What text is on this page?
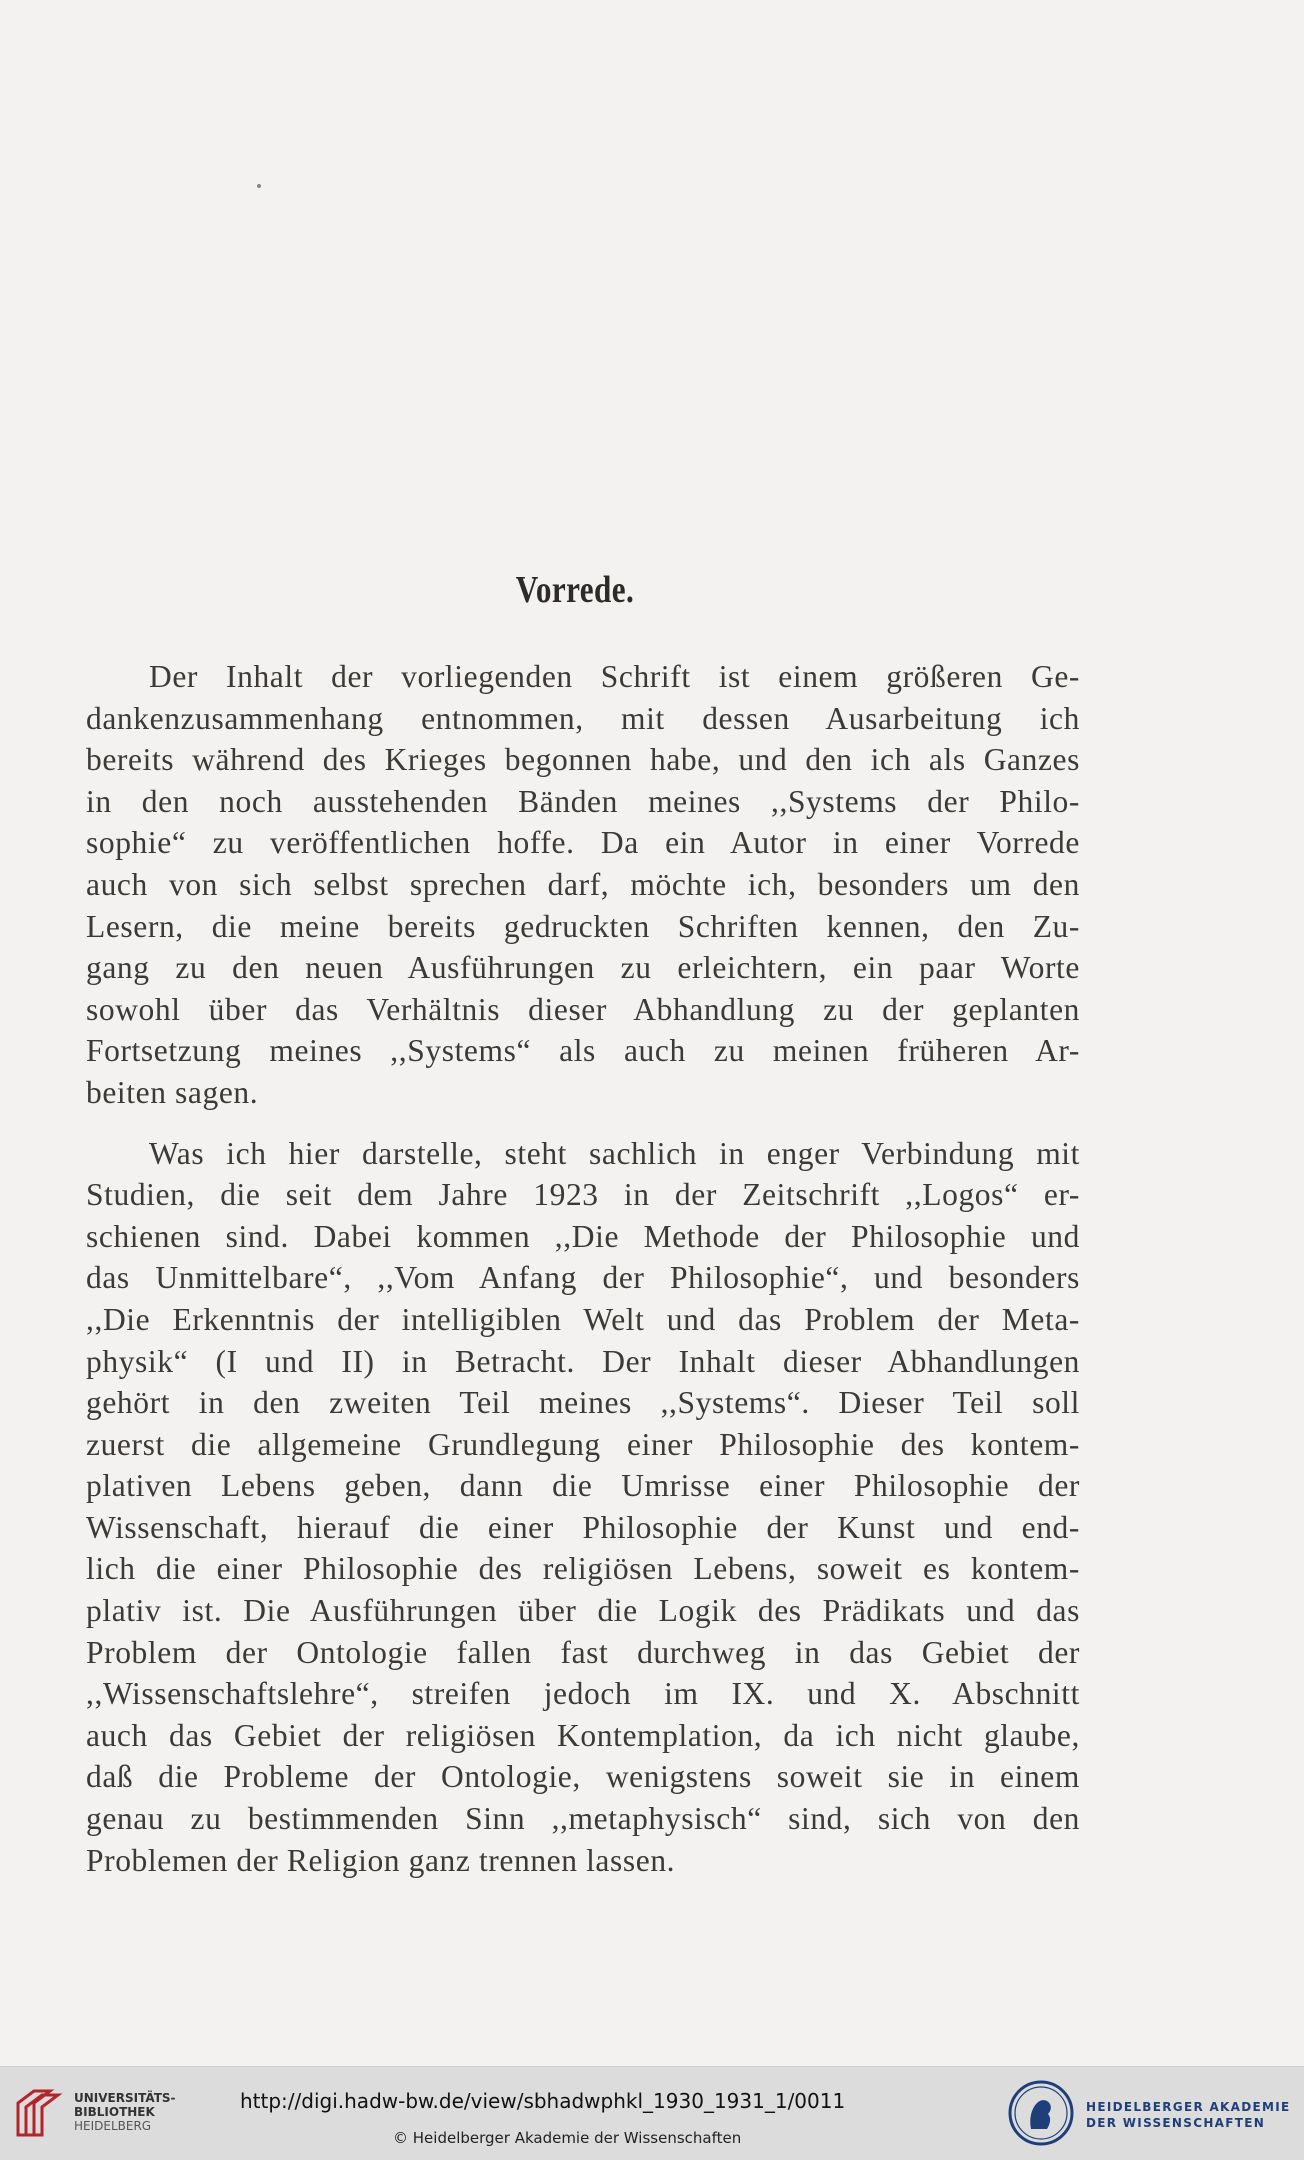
Vorrede.

Der Inhalt der vorliegenden Schrift ist einem größeren Ge-
dankenzusammenhang entnommen, mit dessen Ausarbeitung ich
bereits während des Krieges begonnen habe, und den ich als Ganzes
in den noch ausstehenden Bänden meines ,,Systems der Philo-
sophie“ zu veröffentlichen hoffe. Da ein Autor in einer Vorrede
auch von sich selbst sprechen darf, möchte ich, besonders um den
Lesern, die meine bereits gedruckten Schriften kennen, den Zu-
gang zu den neuen Ausführungen zu erleichtern, ein paar Worte
sowohl über das Verhältnis dieser Abhandlung zu der geplanten
Fortsetzung meines ,,Systems“ als auch zu meinen früheren Ar-
beiten sagen.

Was ich hier darstelle, steht sachlich in enger Verbindung mit
Studien, die seit dem Jahre 1923 in der Zeitschrift ,,Logos“ er-
schienen sind. Dabei kommen ,,Die Methode der Philosophie und
das Unmittelbare“, ,,Vom Anfang der Philosophie“, und besonders
,,Die Erkenntnis der intelligiblen Welt und das Problem der Meta-
physik“ (I und II) in Betracht. Der Inhalt dieser Abhandlungen
gehört in den zweiten Teil meines ,,Systems“. Dieser Teil soll
zuerst die allgemeine Grundlegung einer Philosophie des kontem-
plativen Lebens geben, dann die Umrisse einer Philosophie der
Wissenschaft, hierauf die einer Philosophie der Kunst und end-
lich die einer Philosophie des religiösen Lebens, soweit es kontem-
plativ ist. Die Ausführungen über die Logik des Prädikats und das
Problem der Ontologie fallen fast durchweg in das Gebiet der
,,Wissenschaftslehre“, streifen jedoch im IX. und X. Abschnitt
auch das Gebiet der religiösen Kontemplation, da ich nicht glaube,
daß die Probleme der Ontologie, wenigstens soweit sie in einem
genau zu bestimmenden Sinn ,,metaphysisch“ sind, sich von den
Problemen der Religion ganz trennen lassen.

UNIVERSITÄTS-
BIBLIOTHEK
HEIDELBERG
http://digi.hadw-bw.de/view/sbhadwphkl_1930_1931_1/0011
© Heidelberger Akademie der Wissenschaften
HEIDELBERGER AKADEMIE
DER WISSENSCHAFTEN
